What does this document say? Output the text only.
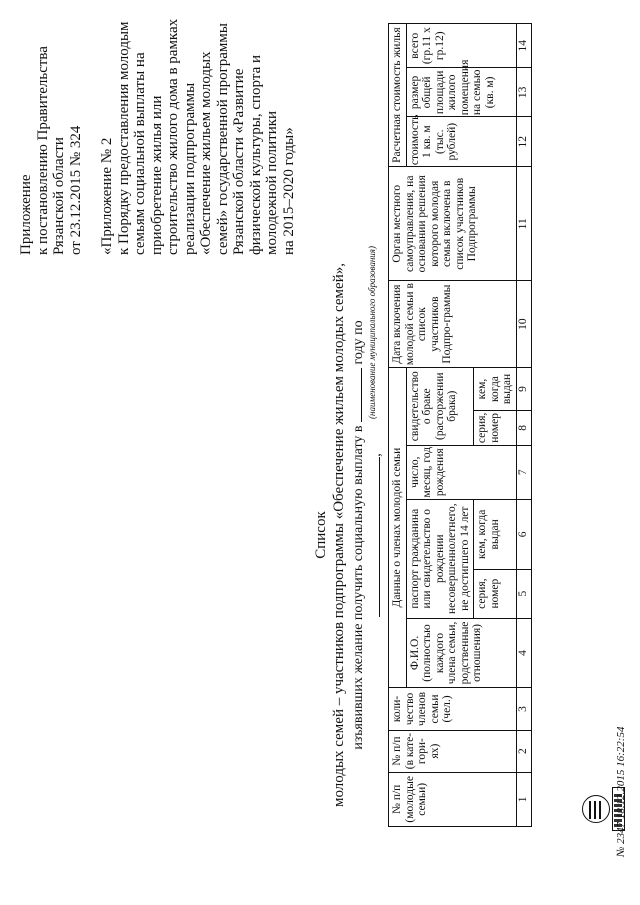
Приложение к постановлению Правительства Рязанской области от 23.12.2015 № 324 «Приложение № 2 к Порядку предоставления молодым семьям социальной выплаты на приобретение жилья или строительство жилого дома в рамках реализации подпрограммы «Обеспечение жильем молодых семей» государственной программы Рязанской области «Развитие физической культуры, спорта и молодежной политики на 2015–2020 годы»
Список молодых семей – участников подпрограммы «Обеспечение жильем молодых семей», изъявивших желание получить социальную выплату в  году по ,
(наименование муниципального образования)
№ п/п (молодые семьи)	№ п/п (в кате-гори-ях)	коли-чество членов семьи (чел.)	Данные о членах молодой семьи						Дата включения молодой семьи в список участников Подпро-граммы	Орган местного самоуправления, на основании решения которого молодая семья включена в список участников Подпрограммы	Расчетная стоимость жилья		
			Ф.И.О. (полностью каждого члена семьи, родственные отношения)	паспорт гражданина или свидетельство о рождении несовершеннолетнего, не достигшего 14 лет		число, месяц, год рождения	свидетельство о браке (расторжении брака)				стоимость 1 кв. м (тыс. рублей)	размер общей площади жилого помещения на семью (кв. м)	всего (гр.11 х гр.12)
				серия, номер	кем, когда выдан		серия, номер	кем, когда выдан					
1	2	3	4	5	6	7	8	9	10	11	12	13	14
№ 2347 18.12.2015 16:22:54
